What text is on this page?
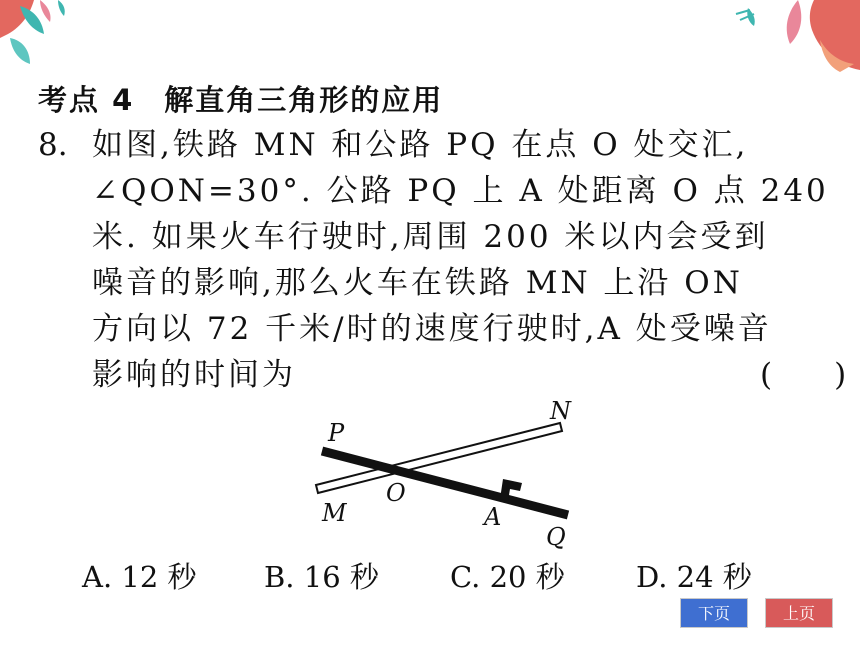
考点 4 解直角三角形的应用
8. 如图,铁路 MN 和公路 PQ 在点 O 处交汇,
∠QON=30°. 公路 PQ 上 A 处距离 O 点 240
米. 如果火车行驶时,周围 200 米以内会受到
噪音的影响,那么火车在铁路 MN 上沿 ON
方向以 72 千米/时的速度行驶时,A 处受噪音
影响的时间为	(　　)
P
N
M
O
A
Q
A. 12 秒 B. 16 秒 C. 20 秒 D. 24 秒
下页	上页
